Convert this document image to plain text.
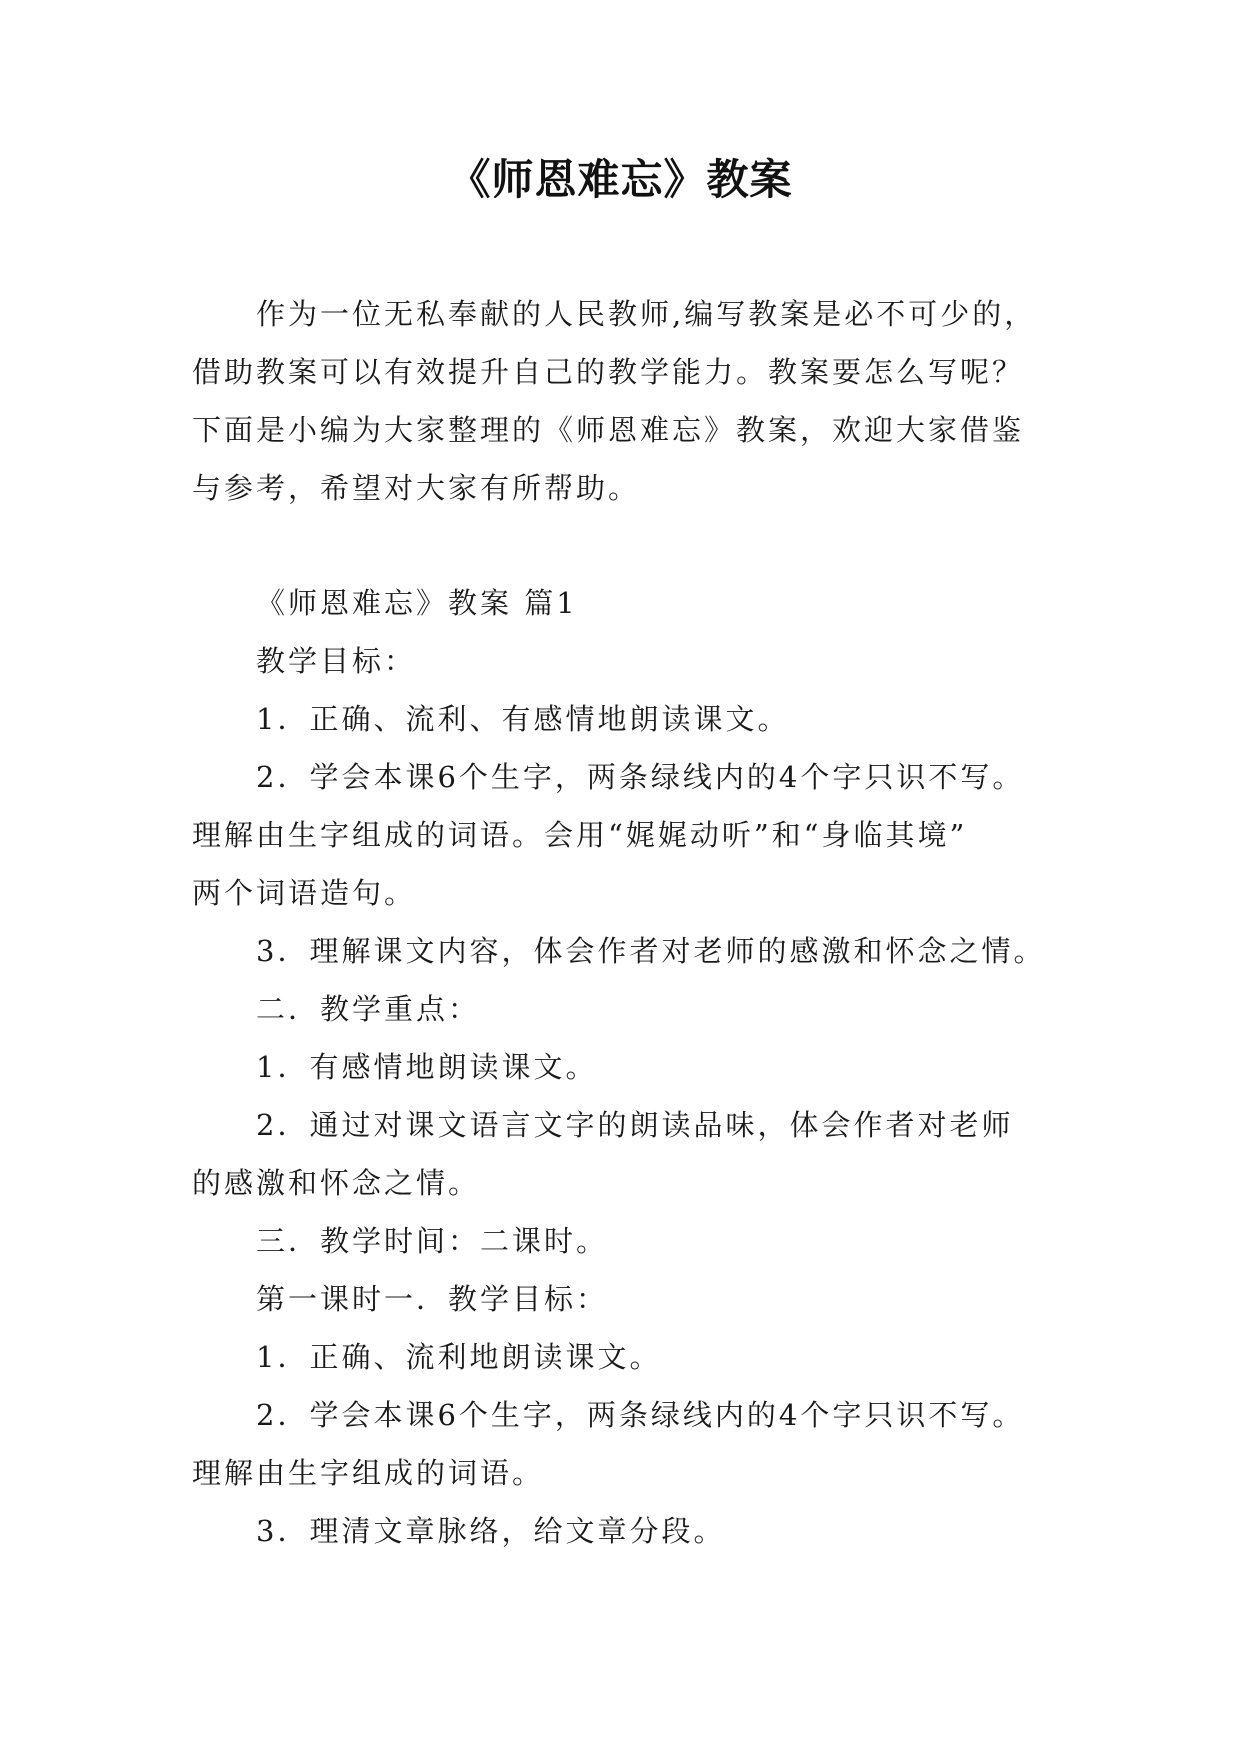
《师恩难忘》教案
作为一位无私奉献的人民教师,编写教案是必不可少的，
借助教案可以有效提升自己的教学能力。教案要怎么写呢？
下面是小编为大家整理的《师恩难忘》教案，欢迎大家借鉴
与参考，希望对大家有所帮助。
《师恩难忘》教案 篇1
教学目标：
1．正确、流利、有感情地朗读课文。
2．学会本课6个生字，两条绿线内的4个字只识不写。
理解由生字组成的词语。会用“娓娓动听”和“身临其境”
两个词语造句。
3．理解课文内容，体会作者对老师的感激和怀念之情。
二．教学重点：
1．有感情地朗读课文。
2．通过对课文语言文字的朗读品味，体会作者对老师
的感激和怀念之情。
三．教学时间：二课时。
第一课时一．教学目标：
1．正确、流利地朗读课文。
2．学会本课6个生字，两条绿线内的4个字只识不写。
理解由生字组成的词语。
3．理清文章脉络，给文章分段。
